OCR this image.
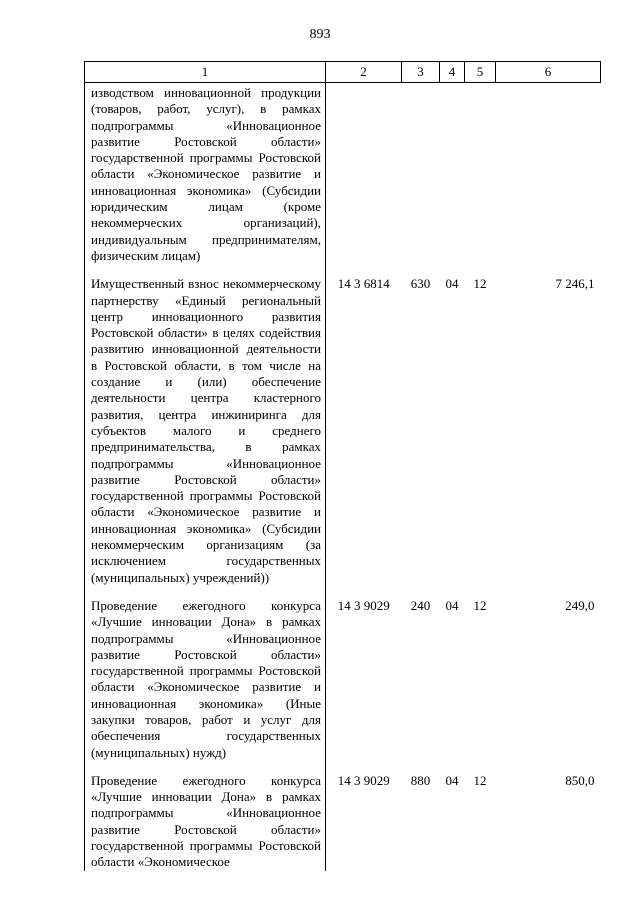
893
1	2	3	4	5	6
изводством инновационной продукции (товаров, работ, услуг), в рамках подпрограммы «Инновационное развитие Ростовской области» государственной программы Ростовской области «Экономическое развитие и инновационная экономика» (Субсидии юридическим лицам (кроме некоммерческих организаций), индивидуальным предпринимателям, физическим лицам)					
Имущественный взнос некоммерческому партнерству «Единый региональный центр инновационного развития Ростовской области» в целях содействия развитию инновационной деятельности в Ростовской области, в том числе на создание и (или) обеспечение деятельности центра кластерного развития, центра инжиниринга для субъектов малого и среднего предпринимательства, в рамках подпрограммы «Инновационное развитие Ростовской области» государственной программы Ростовской области «Экономическое развитие и инновационная экономика» (Субсидии некоммерческим организациям (за исключением государственных (муниципальных) учреждений))	14 3 6814	630	04	12	7 246,1
Проведение ежегодного конкурса «Лучшие инновации Дона» в рамках подпрограммы «Инновационное развитие Ростовской области» государственной программы Ростовской области «Экономическое развитие и инновационная экономика» (Иные закупки товаров, работ и услуг для обеспечения государственных (муниципальных) нужд)	14 3 9029	240	04	12	249,0
Проведение ежегодного конкурса «Лучшие инновации Дона» в рамках подпрограммы «Инновационное развитие Ростовской области» государственной программы Ростовской области «Экономическое	14 3 9029	880	04	12	850,0
